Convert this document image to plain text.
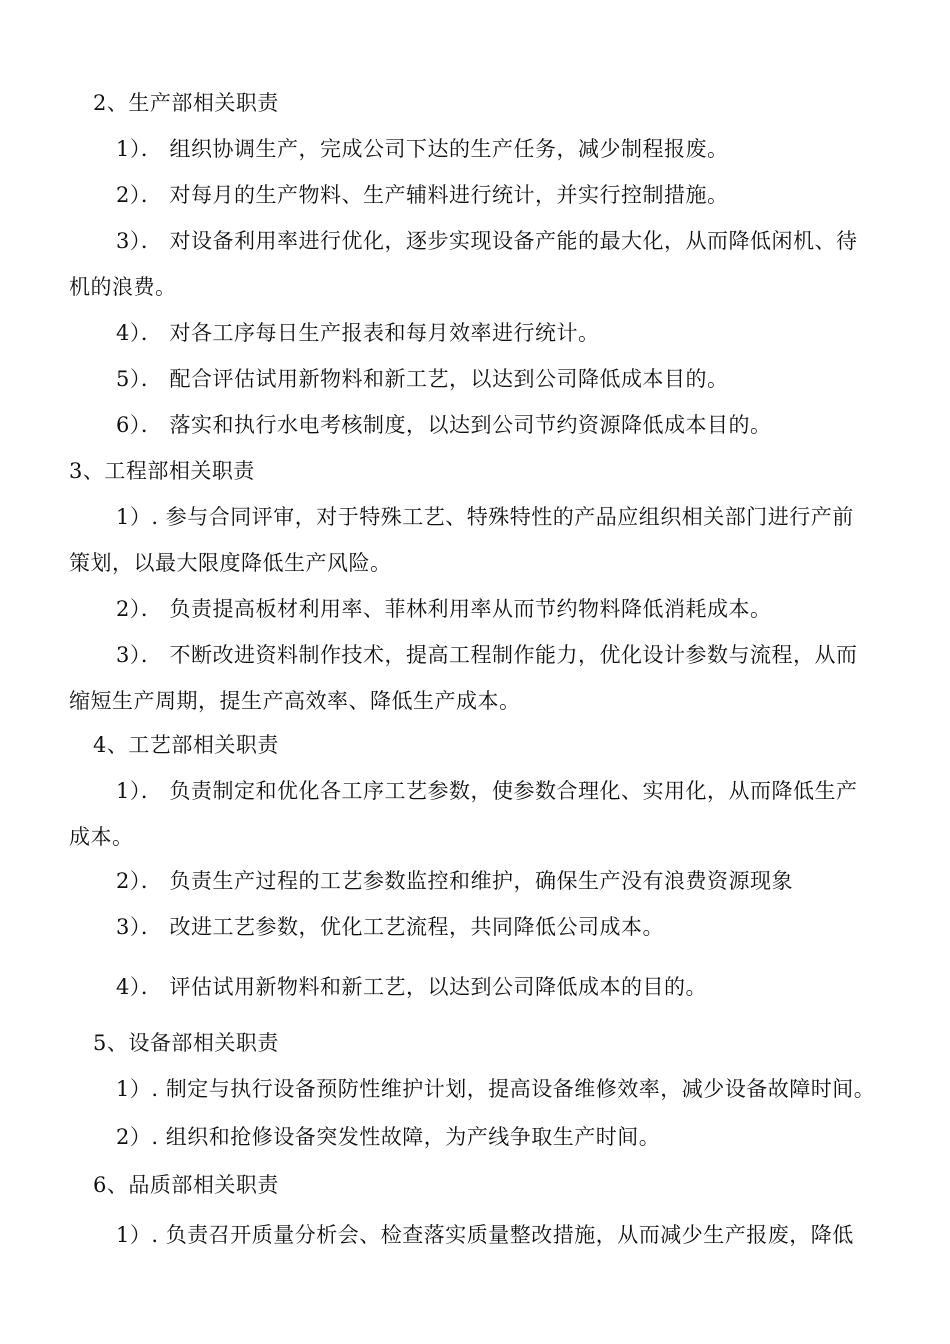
2、生产部相关职责
1）． 组织协调生产，完成公司下达的生产任务，减少制程报废。
2）． 对每月的生产物料、生产辅料进行统计，并实行控制措施。
3）． 对设备利用率进行优化，逐步实现设备产能的最大化，从而降低闲机、待
机的浪费。
4）． 对各工序每日生产报表和每月效率进行统计。
5）． 配合评估试用新物料和新工艺，以达到公司降低成本目的。
6）． 落实和执行水电考核制度，以达到公司节约资源降低成本目的。
3、工程部相关职责
1）. 参与合同评审，对于特殊工艺、特殊特性的产品应组织相关部门进行产前
策划，以最大限度降低生产风险。
2）． 负责提高板材利用率、菲林利用率从而节约物料降低消耗成本。
3）． 不断改进资料制作技术，提高工程制作能力，优化设计参数与流程，从而
缩短生产周期，提生产高效率、降低生产成本。
4、工艺部相关职责
1）． 负责制定和优化各工序工艺参数，使参数合理化、实用化，从而降低生产
成本。
2）． 负责生产过程的工艺参数监控和维护，确保生产没有浪费资源现象
3）． 改进工艺参数，优化工艺流程，共同降低公司成本。
4）． 评估试用新物料和新工艺，以达到公司降低成本的目的。
5、设备部相关职责
1）. 制定与执行设备预防性维护计划，提高设备维修效率，减少设备故障时间。
2）. 组织和抢修设备突发性故障，为产线争取生产时间。
6、品质部相关职责
1）. 负责召开质量分析会、检查落实质量整改措施，从而减少生产报废，降低
